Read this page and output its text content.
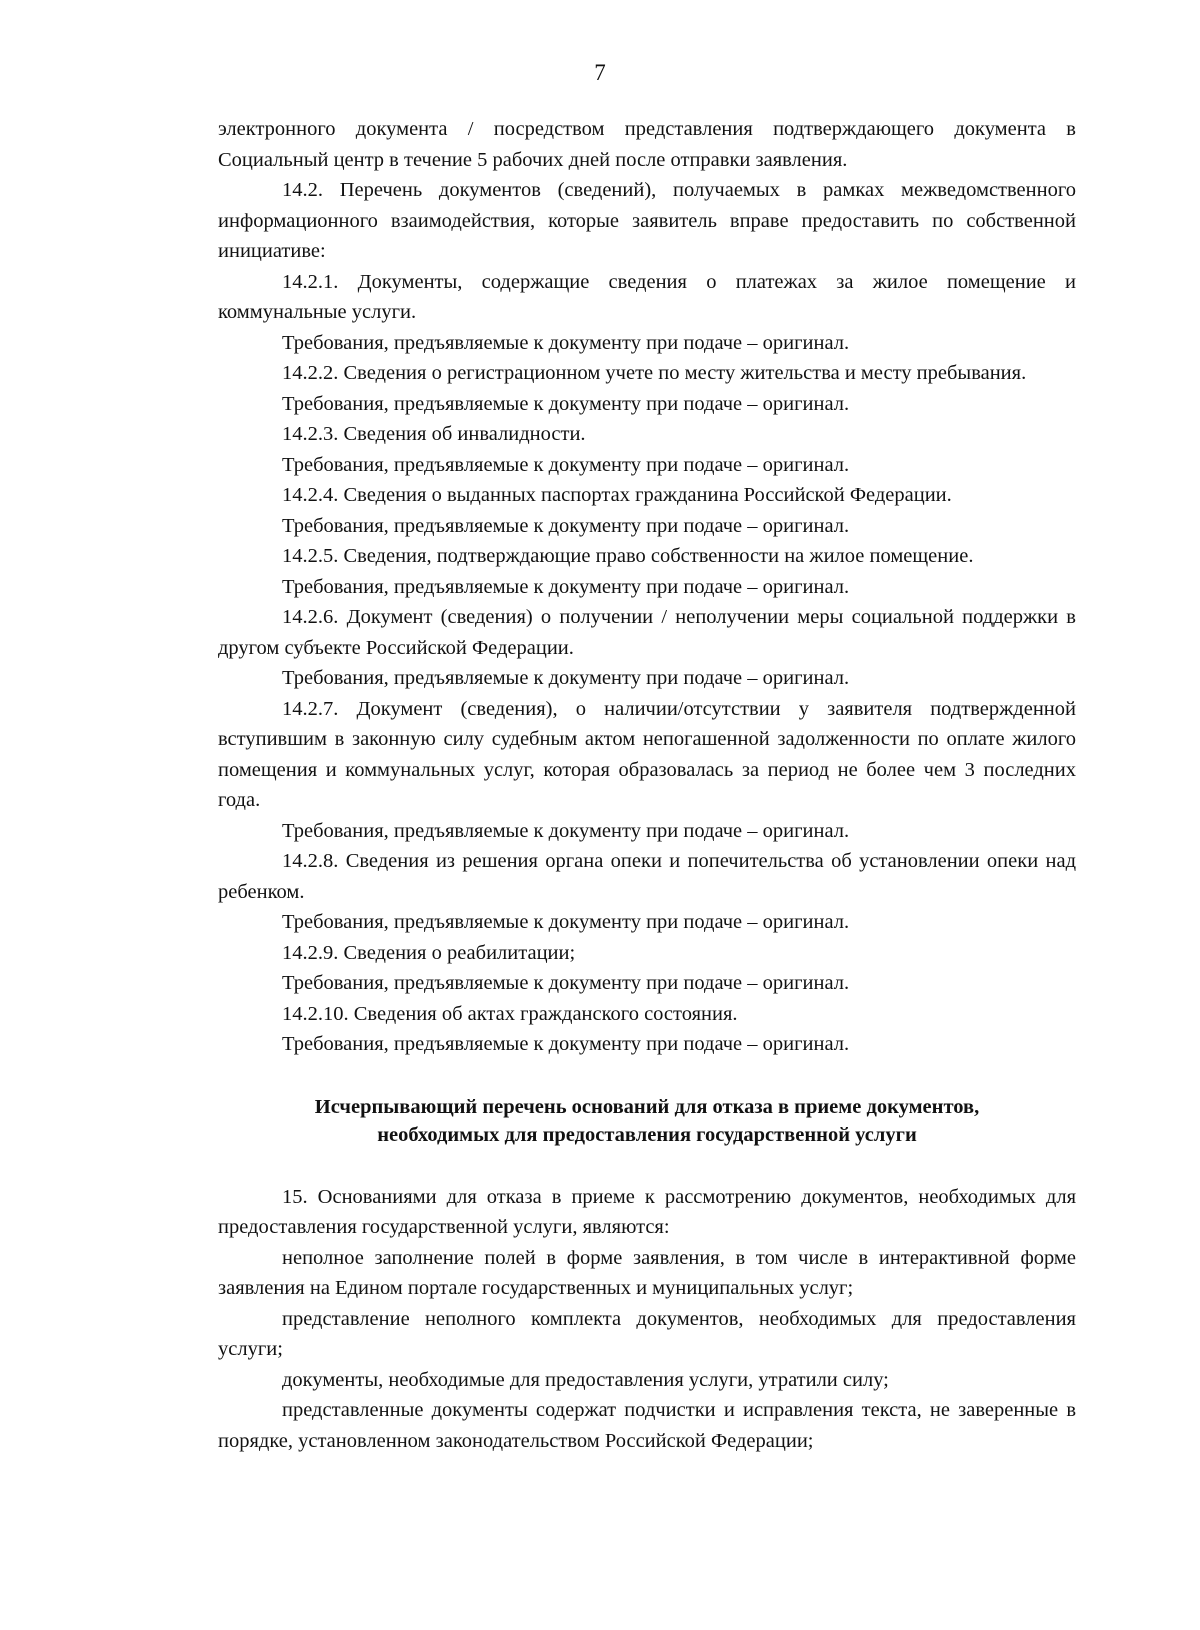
7

электронного документа / посредством представления подтверждающего документа в Социальный центр в течение 5 рабочих дней после отправки заявления.

14.2. Перечень документов (сведений), получаемых в рамках межведомственного информационного взаимодействия, которые заявитель вправе предоставить по собственной инициативе:

14.2.1. Документы, содержащие сведения о платежах за жилое помещение и коммунальные услуги.

Требования, предъявляемые к документу при подаче – оригинал.

14.2.2. Сведения о регистрационном учете по месту жительства и месту пребывания.

Требования, предъявляемые к документу при подаче – оригинал.

14.2.3. Сведения об инвалидности.

Требования, предъявляемые к документу при подаче – оригинал.

14.2.4. Сведения о выданных паспортах гражданина Российской Федерации.

Требования, предъявляемые к документу при подаче – оригинал.

14.2.5. Сведения, подтверждающие право собственности на жилое помещение.

Требования, предъявляемые к документу при подаче – оригинал.

14.2.6. Документ (сведения) о получении / неполучении меры социальной поддержки в другом субъекте Российской Федерации.

Требования, предъявляемые к документу при подаче – оригинал.

14.2.7. Документ (сведения), о наличии/отсутствии у заявителя подтвержденной вступившим в законную силу судебным актом непогашенной задолженности по оплате жилого помещения и коммунальных услуг, которая образовалась за период не более чем 3 последних года.

Требования, предъявляемые к документу при подаче – оригинал.

14.2.8. Сведения из решения органа опеки и попечительства об установлении опеки над ребенком.

Требования, предъявляемые к документу при подаче – оригинал.

14.2.9. Сведения о реабилитации;

Требования, предъявляемые к документу при подаче – оригинал.

14.2.10. Сведения об актах гражданского состояния.

Требования, предъявляемые к документу при подаче – оригинал.

Исчерпывающий перечень оснований для отказа в приеме документов,
необходимых для предоставления государственной услуги

15. Основаниями для отказа в приеме к рассмотрению документов, необходимых для предоставления государственной услуги, являются:

неполное заполнение полей в форме заявления, в том числе в интерактивной форме заявления на Едином портале государственных и муниципальных услуг;

представление неполного комплекта документов, необходимых для предоставления услуги;

документы, необходимые для предоставления услуги, утратили силу;

представленные документы содержат подчистки и исправления текста, не заверенные в порядке, установленном законодательством Российской Федерации;
